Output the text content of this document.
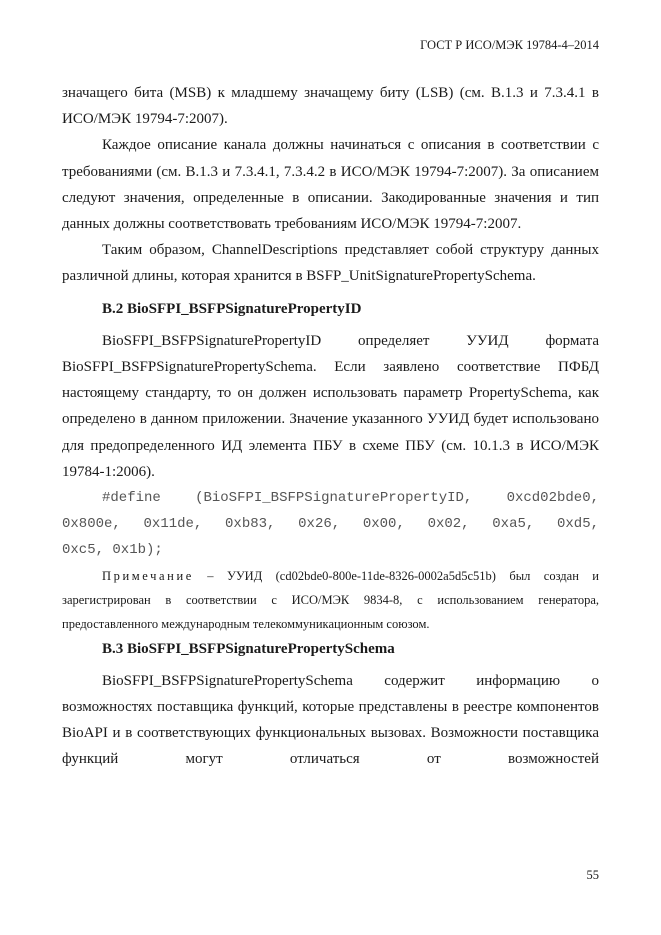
ГОСТ Р ИСО/МЭК 19784-4–2014

значащего бита (MSB) к младшему значащему биту (LSB) (см. В.1.3 и 7.3.4.1 в ИСО/МЭК 19794-7:2007).

Каждое описание канала должны начинаться с описания в соответствии с требованиями (см. В.1.3 и 7.3.4.1, 7.3.4.2 в ИСО/МЭК 19794-7:2007). За описанием следуют значения, определенные в описании. Закодированные значения и тип данных должны соответствовать требованиям ИСО/МЭК 19794-7:2007.

Таким образом, ChannelDescriptions представляет собой структуру данных различной длины, которая хранится в BSFP_UnitSignaturePropertySchema.

В.2 BioSFPI_BSFPSignaturePropertyID

BioSFPI_BSFPSignaturePropertyID определяет УУИД формата BioSFPI_BSFPSignaturePropertySchema. Если заявлено соответствие ПФБД настоящему стандарту, то он должен использовать параметр PropertySchema, как определено в данном приложении. Значение указанного УУИД будет использовано для предопределенного ИД элемента ПБУ в схеме ПБУ (см. 10.1.3 в ИСО/МЭК 19784-1:2006).

#define (BioSFPI_BSFPSignaturePropertyID, 0xcd02bde0,

0x800e, 0x11de, 0xb83, 0x26, 0x00, 0x02, 0xa5, 0xd5,

0xc5, 0x1b);

Примечание – УУИД (cd02bde0-800e-11de-8326-0002a5d5c51b) был создан и зарегистрирован в соответствии с ИСО/МЭК 9834-8, с использованием генератора, предоставленного международным телекоммуникационным союзом.

В.3 BioSFPI_BSFPSignaturePropertySchema

BioSFPI_BSFPSignaturePropertySchema содержит информацию о возможностях поставщика функций, которые представлены в реестре компонентов BioAPI и в соответствующих функциональных вызовах. Возможности поставщика функций могут отличаться от возможностей

55
